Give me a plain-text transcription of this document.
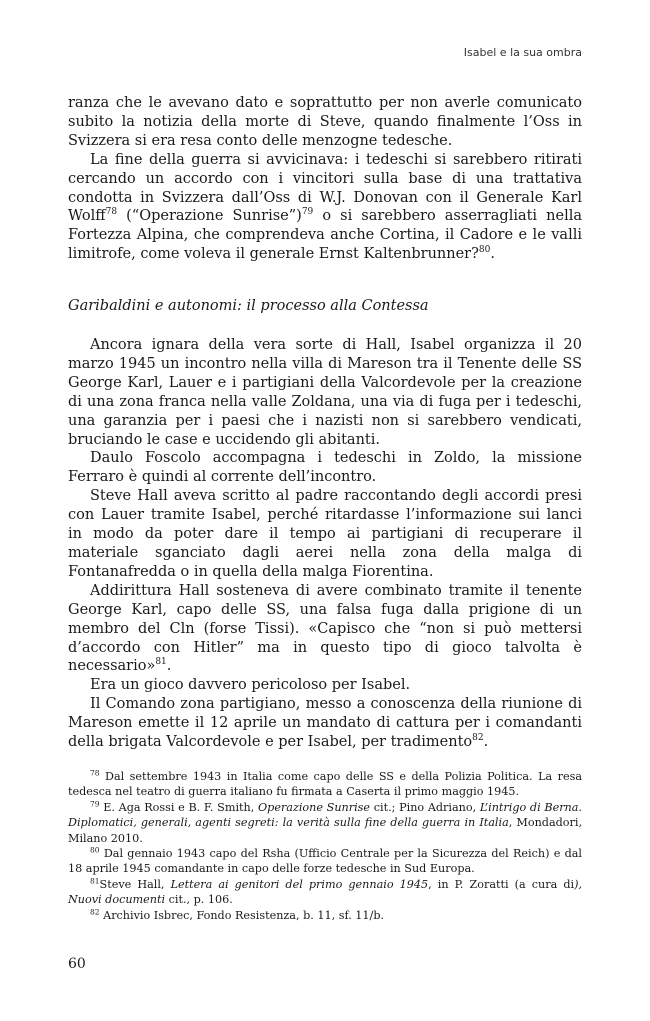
Isabel e la sua ombra

ranza che le avevano dato e soprattutto per non averle comunicato subito la notizia della morte di Steve, quando finalmente l’Oss in Svizzera si era resa conto delle menzogne tedesche.

La fine della guerra si avvicinava: i tedeschi si sarebbero ritirati cercando un accordo con i vincitori sulla base di una trattativa condotta in Svizzera dall’Oss di W.J. Donovan con il Generale Karl Wolff$^{78}$ (“Operazione Sunrise”)$^{79}$ o si sarebbero asserragliati nella Fortezza Alpina, che comprendeva anche Cortina, il Cadore e le valli limitrofe, come voleva il generale Ernst Kaltenbrunner?$^{80}$.

Garibaldini e autonomi: il processo alla Contessa

Ancora ignara della vera sorte di Hall, Isabel organizza il 20 marzo 1945 un incontro nella villa di Mareson tra il Tenente delle SS George Karl, Lauer e i partigiani della Valcordevole per la creazione di una zona franca nella valle Zoldana, una via di fuga per i tedeschi, una garanzia per i paesi che i nazisti non si sarebbero vendicati, bruciando le case e uccidendo gli abitanti.

Daulo Foscolo accompagna i tedeschi in Zoldo, la missione Ferraro è quindi al corrente dell’incontro.

Steve Hall aveva scritto al padre raccontando degli accordi presi con Lauer tramite Isabel, perché ritardasse l’informazione sui lanci in modo da poter dare il tempo ai partigiani di recuperare il materiale sganciato dagli aerei nella zona della malga di Fontanafredda o in quella della malga Fiorentina.

Addirittura Hall sosteneva di avere combinato tramite il tenente George Karl, capo delle SS, una falsa fuga dalla prigione di un membro del Cln (forse Tissi). «Capisco che “non si può mettersi d’accordo con Hitler” ma in questo tipo di gioco talvolta è necessario»$^{81}$.

Era un gioco davvero pericoloso per Isabel.

Il Comando zona partigiano, messo a conoscenza della riunione di Mareson emette il 12 aprile un mandato di cattura per i comandanti della brigata Valcordevole e per Isabel, per tradimento$^{82}$.

$^{78}$ Dal settembre 1943 in Italia come capo delle SS e della Polizia Politica. La resa tedesca nel teatro di guerra italiano fu firmata a Caserta il primo maggio 1945.

$^{79}$ E. Aga Rossi e B. F. Smith, Operazione Sunrise cit.; Pino Adriano, L’intrigo di Berna. Diplomatici, generali, agenti segreti: la verità sulla fine della guerra in Italia, Mondadori, Milano 2010.

$^{80}$ Dal gennaio 1943 capo del Rsha (Ufficio Centrale per la Sicurezza del Reich) e dal 18 aprile 1945 comandante in capo delle forze tedesche in Sud Europa.

$^{81}$Steve Hall, Lettera ai genitori del primo gennaio 1945, in P. Zoratti (a cura di), Nuovi documenti cit., p. 106.

$^{82}$ Archivio Isbrec, Fondo Resistenza, b. 11, sf. 11/b.

60
